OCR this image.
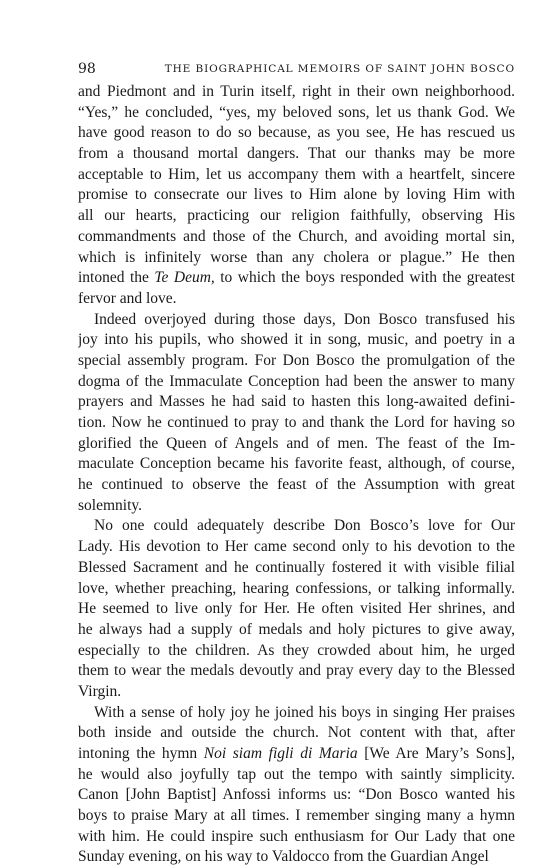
98	THE BIOGRAPHICAL MEMOIRS OF SAINT JOHN BOSCO
and Piedmont and in Turin itself, right in their own neighborhood.
“Yes,” he concluded, “yes, my beloved sons, let us thank God. We
have good reason to do so because, as you see, He has rescued us
from a thousand mortal dangers. That our thanks may be more
acceptable to Him, let us accompany them with a heartfelt, sincere
promise to consecrate our lives to Him alone by loving Him with
all our hearts, practicing our religion faithfully, observing His
commandments and those of the Church, and avoiding mortal sin,
which is infinitely worse than any cholera or plague.” He then
intoned the Te Deum, to which the boys responded with the greatest
fervor and love.
Indeed overjoyed during those days, Don Bosco transfused his
joy into his pupils, who showed it in song, music, and poetry in a
special assembly program. For Don Bosco the promulgation of the
dogma of the Immaculate Conception had been the answer to many
prayers and Masses he had said to hasten this long-awaited defini-
tion. Now he continued to pray to and thank the Lord for having so
glorified the Queen of Angels and of men. The feast of the Im-
maculate Conception became his favorite feast, although, of course,
he continued to observe the feast of the Assumption with great
solemnity.
No one could adequately describe Don Bosco’s love for Our
Lady. His devotion to Her came second only to his devotion to the
Blessed Sacrament and he continually fostered it with visible filial
love, whether preaching, hearing confessions, or talking informally.
He seemed to live only for Her. He often visited Her shrines, and
he always had a supply of medals and holy pictures to give away,
especially to the children. As they crowded about him, he urged
them to wear the medals devoutly and pray every day to the Blessed
Virgin.
With a sense of holy joy he joined his boys in singing Her praises
both inside and outside the church. Not content with that, after
intoning the hymn Noi siam figli di Maria [We Are Mary’s Sons],
he would also joyfully tap out the tempo with saintly simplicity.
Canon [John Baptist] Anfossi informs us: “Don Bosco wanted his
boys to praise Mary at all times. I remember singing many a hymn
with him. He could inspire such enthusiasm for Our Lady that one
Sunday evening, on his way to Valdocco from the Guardian Angel
